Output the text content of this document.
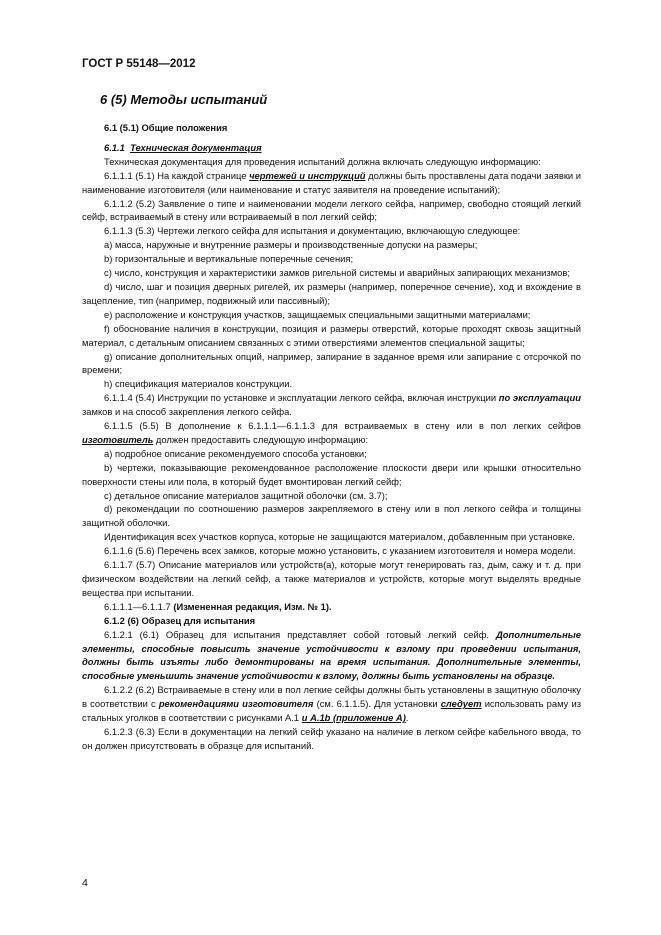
ГОСТ Р 55148—2012
6 (5) Методы испытаний

6.1 (5.1) Общие положения

6.1.1 Техническая документация

Техническая документация для проведения испытаний должна включать следующую информацию:

6.1.1.1 (5.1) На каждой странице чертежей и инструкций должны быть проставлены дата подачи заявки и наименование изготовителя (или наименование и статус заявителя на проведение испытаний);

6.1.1.2 (5.2) Заявление о типе и наименовании модели легкого сейфа, например, свободно стоящий легкий сейф, встраиваемый в стену или встраиваемый в пол легкий сейф;

6.1.1.3 (5.3) Чертежи легкого сейфа для испытания и документацию, включающую следующее:

a) масса, наружные и внутренние размеры и производственные допуски на размеры;

b) горизонтальные и вертикальные поперечные сечения;

c) число, конструкция и характеристики замков ригельной системы и аварийных запирающих механизмов;

d) число, шаг и позиция дверных ригелей, их размеры (например, поперечное сечение), ход и вхождение в зацепление, тип (например, подвижный или пассивный);

e) расположение и конструкция участков, защищаемых специальными защитными материалами;

f) обоснование наличия в конструкции, позиция и размеры отверстий, которые проходят сквозь защитный материал, с детальным описанием связанных с этими отверстиями элементов специальной защиты;

g) описание дополнительных опций, например, запирание в заданное время или запирание с отсрочкой по времени;

h) спецификация материалов конструкции.

6.1.1.4 (5.4) Инструкции по установке и эксплуатации легкого сейфа, включая инструкции по эксплуатации замков и на способ закрепления легкого сейфа.

6.1.1.5 (5.5) В дополнение к 6.1.1.1—6.1.1.3 для встраиваемых в стену или в пол легких сейфов изготовитель должен предоставить следующую информацию:

a) подробное описание рекомендуемого способа установки;

b) чертежи, показывающие рекомендованное расположение плоскости двери или крышки относительно поверхности стены или пола, в который будет вмонтирован легкий сейф;

c) детальное описание материалов защитной оболочки (см. 3.7);

d) рекомендации по соотношению размеров закрепляемого в стену или в пол легкого сейфа и толщины защитной оболочки.

Идентификация всех участков корпуса, которые не защищаются материалом, добавленным при установке.

6.1.1.6 (5.6) Перечень всех замков, которые можно установить, с указанием изготовителя и номера модели.

6.1.1.7 (5.7) Описание материалов или устройств(а), которые могут генерировать газ, дым, сажу и т. д. при физическом воздействии на легкий сейф, а также материалов и устройств, которые могут выделять вредные вещества при испытании.

6.1.1.1—6.1.1.7 (Измененная редакция, Изм. № 1).

6.1.2 (6) Образец для испытания

6.1.2.1 (6.1) Образец для испытания представляет собой готовый легкий сейф. Дополнительные элементы, способные повысить значение устойчивости к взлому при проведении испытания, должны быть изъяты либо демонтированы на время испытания. Дополнительные элементы, способные уменьшить значение устойчивости к взлому, должны быть установлены на образце.

6.1.2.2 (6.2) Встраиваемые в стену или в пол легкие сейфы должны быть установлены в защитную оболочку в соответствии с рекомендациями изготовителя (см. 6.1.1.5). Для установки следует использовать раму из стальных уголков в соответствии с рисунками А.1 и А.1b (приложение А).

6.1.2.3 (6.3) Если в документации на легкий сейф указано на наличие в легком сейфе кабельного ввода, то он должен присутствовать в образце для испытаний.

4
